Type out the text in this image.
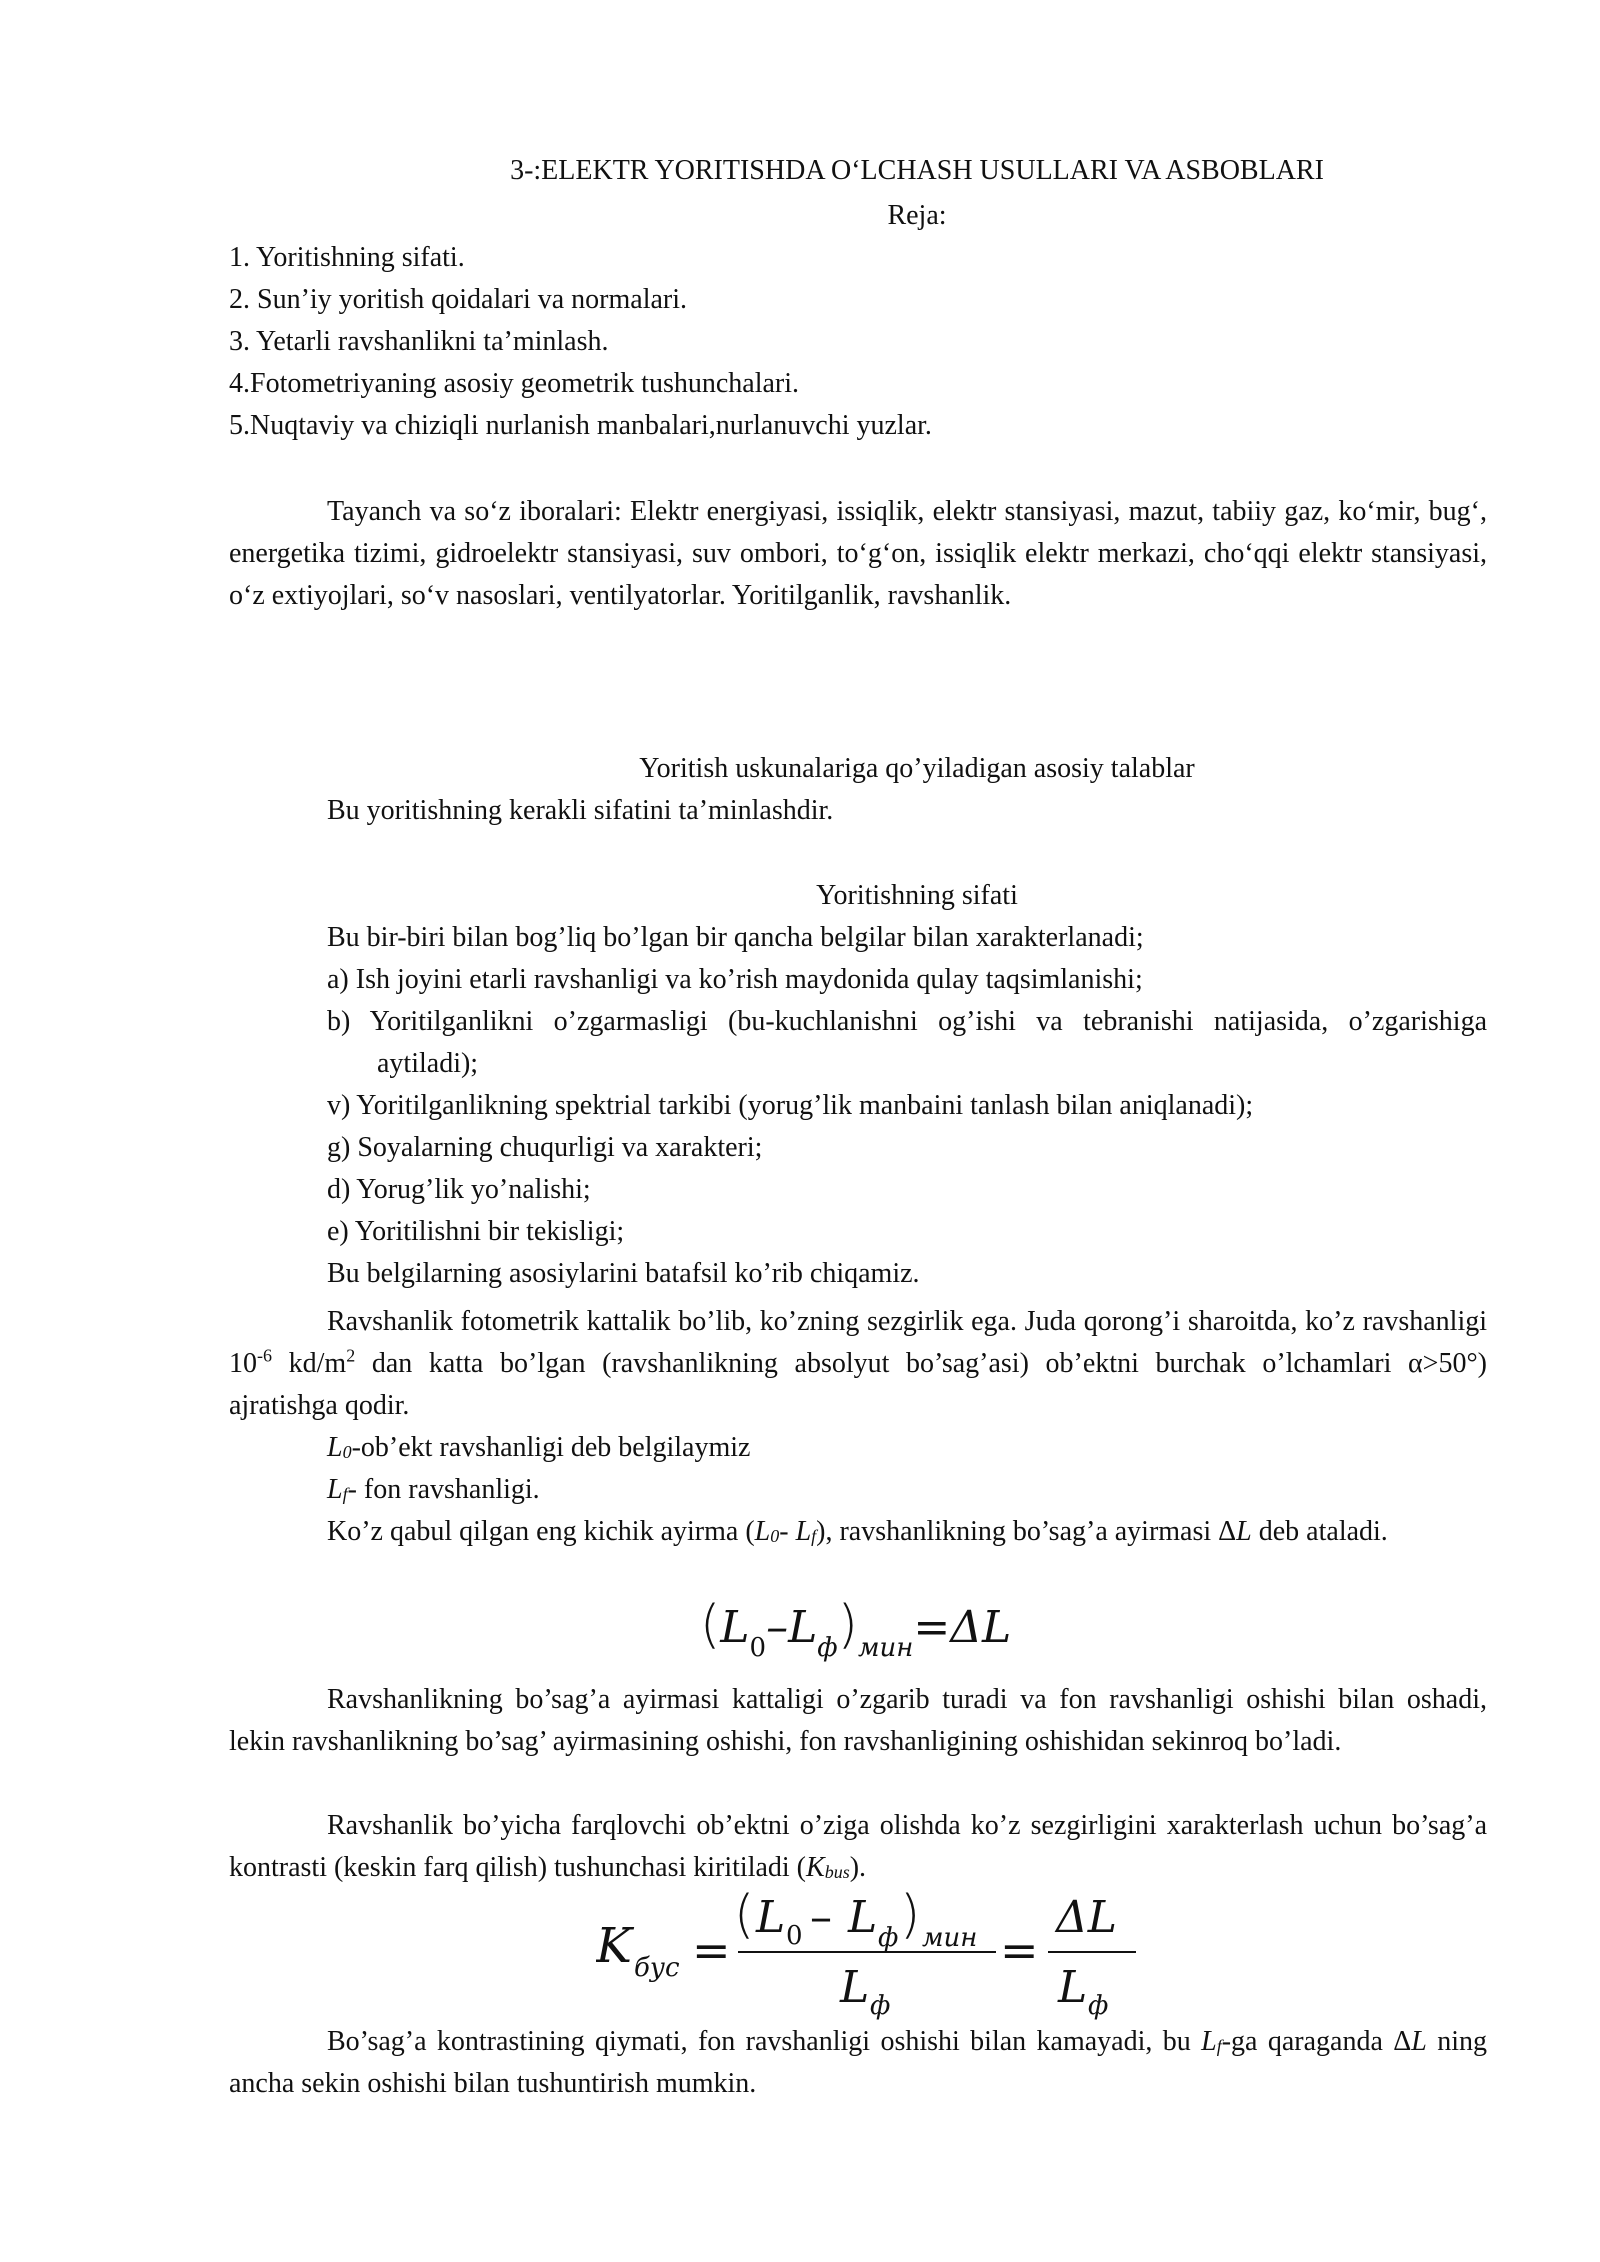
3-:ELEKTR YORITISHDA O‘LCHASH USULLARI VA ASBOBLARI
Reja:

1. Yoritishning sifati.

2. Sun’iy yoritish qoidalari va normalari.

3. Yetarli ravshanlikni ta’minlash.

4.Fotometriyaning asosiy geometrik tushunchalari.

5.Nuqtaviy va chiziqli nurlanish manbalari,nurlanuvchi yuzlar.

Tayanch va so‘z iboralari: Elektr energiyasi, issiqlik, elektr stansiyasi, mazut, tabiiy gaz, ko‘mir, bug‘, energetika tizimi, gidroelektr stansiyasi, suv ombori, to‘g‘on, issiqlik elektr merkazi, cho‘qqi elektr stansiyasi, o‘z extiyojlari, so‘v nasoslari, ventilyatorlar. Yoritilganlik, ravshanlik.

Yoritish uskunalariga qo’yiladigan asosiy talablar

Bu yoritishning kerakli sifatini ta’minlashdir.

Yoritishning sifati

Bu bir-biri bilan bog’liq bo’lgan bir qancha belgilar bilan xarakterlanadi;

a) Ish joyini etarli ravshanligi va ko’rish maydonida qulay taqsimlanishi;

b) Yoritilganlikni o’zgarmasligi (bu-kuchlanishni og’ishi va tebranishi natijasida, o’zgarishiga aytiladi);

v) Yoritilganlikning spektrial tarkibi (yorug’lik manbaini tanlash bilan aniqlanadi);

g) Soyalarning chuqurligi va xarakteri;

d) Yorug’lik yo’nalishi;

e) Yoritilishni bir tekisligi;

Bu belgilarning asosiylarini batafsil ko’rib chiqamiz.

Ravshanlik fotometrik kattalik bo’lib, ko’zning sezgirlik ega. Juda qorong’i sharoitda, ko’z ravshanligi $10^{-6}$ $kd/m^2$ dan katta bo’lgan (ravshanlikning absolyut bo’sag’asi) ob’ektni burchak o’lchamlari α>50°) ajratishga qodir.

$L_0-ob’ekt$ ravshanligi deb belgilaymiz

$L_f-$ fon ravshanligi.

Ko’z qabul qilgan eng kichik ayirma ($L_0-$ $L_f$), ravshanlikning bo’sag’a ayirmasi ΔL deb ataladi.

Ravshanlikning bo’sag’a ayirmasi kattaligi o’zgarib turadi va fon ravshanligi oshishi bilan oshadi, lekin ravshanlikning bo’sag’ ayirmasining oshishi, fon ravshanligining oshishidan sekinroq bo’ladi.

Ravshanlik bo’yicha farqlovchi ob’ektni o’ziga olishda ko’z sezgirligini xarakterlash uchun bo’sag’a kontrasti (keskin farq qilish) tushunchasi kiritiladi $(K_{bus})$.

Bo’sag’a kontrastining qiymati, fon ravshanligi oshishi bilan kamayadi, bu $L_f-ga$ qaraganda ΔL ning ancha sekin oshishi bilan tushuntirish mumkin.

$(L_0-L_ф)_{мин}=\Delta L$
K бус =
( L 0 – L ф ) мин
L ф
=
ΔL
L ф
